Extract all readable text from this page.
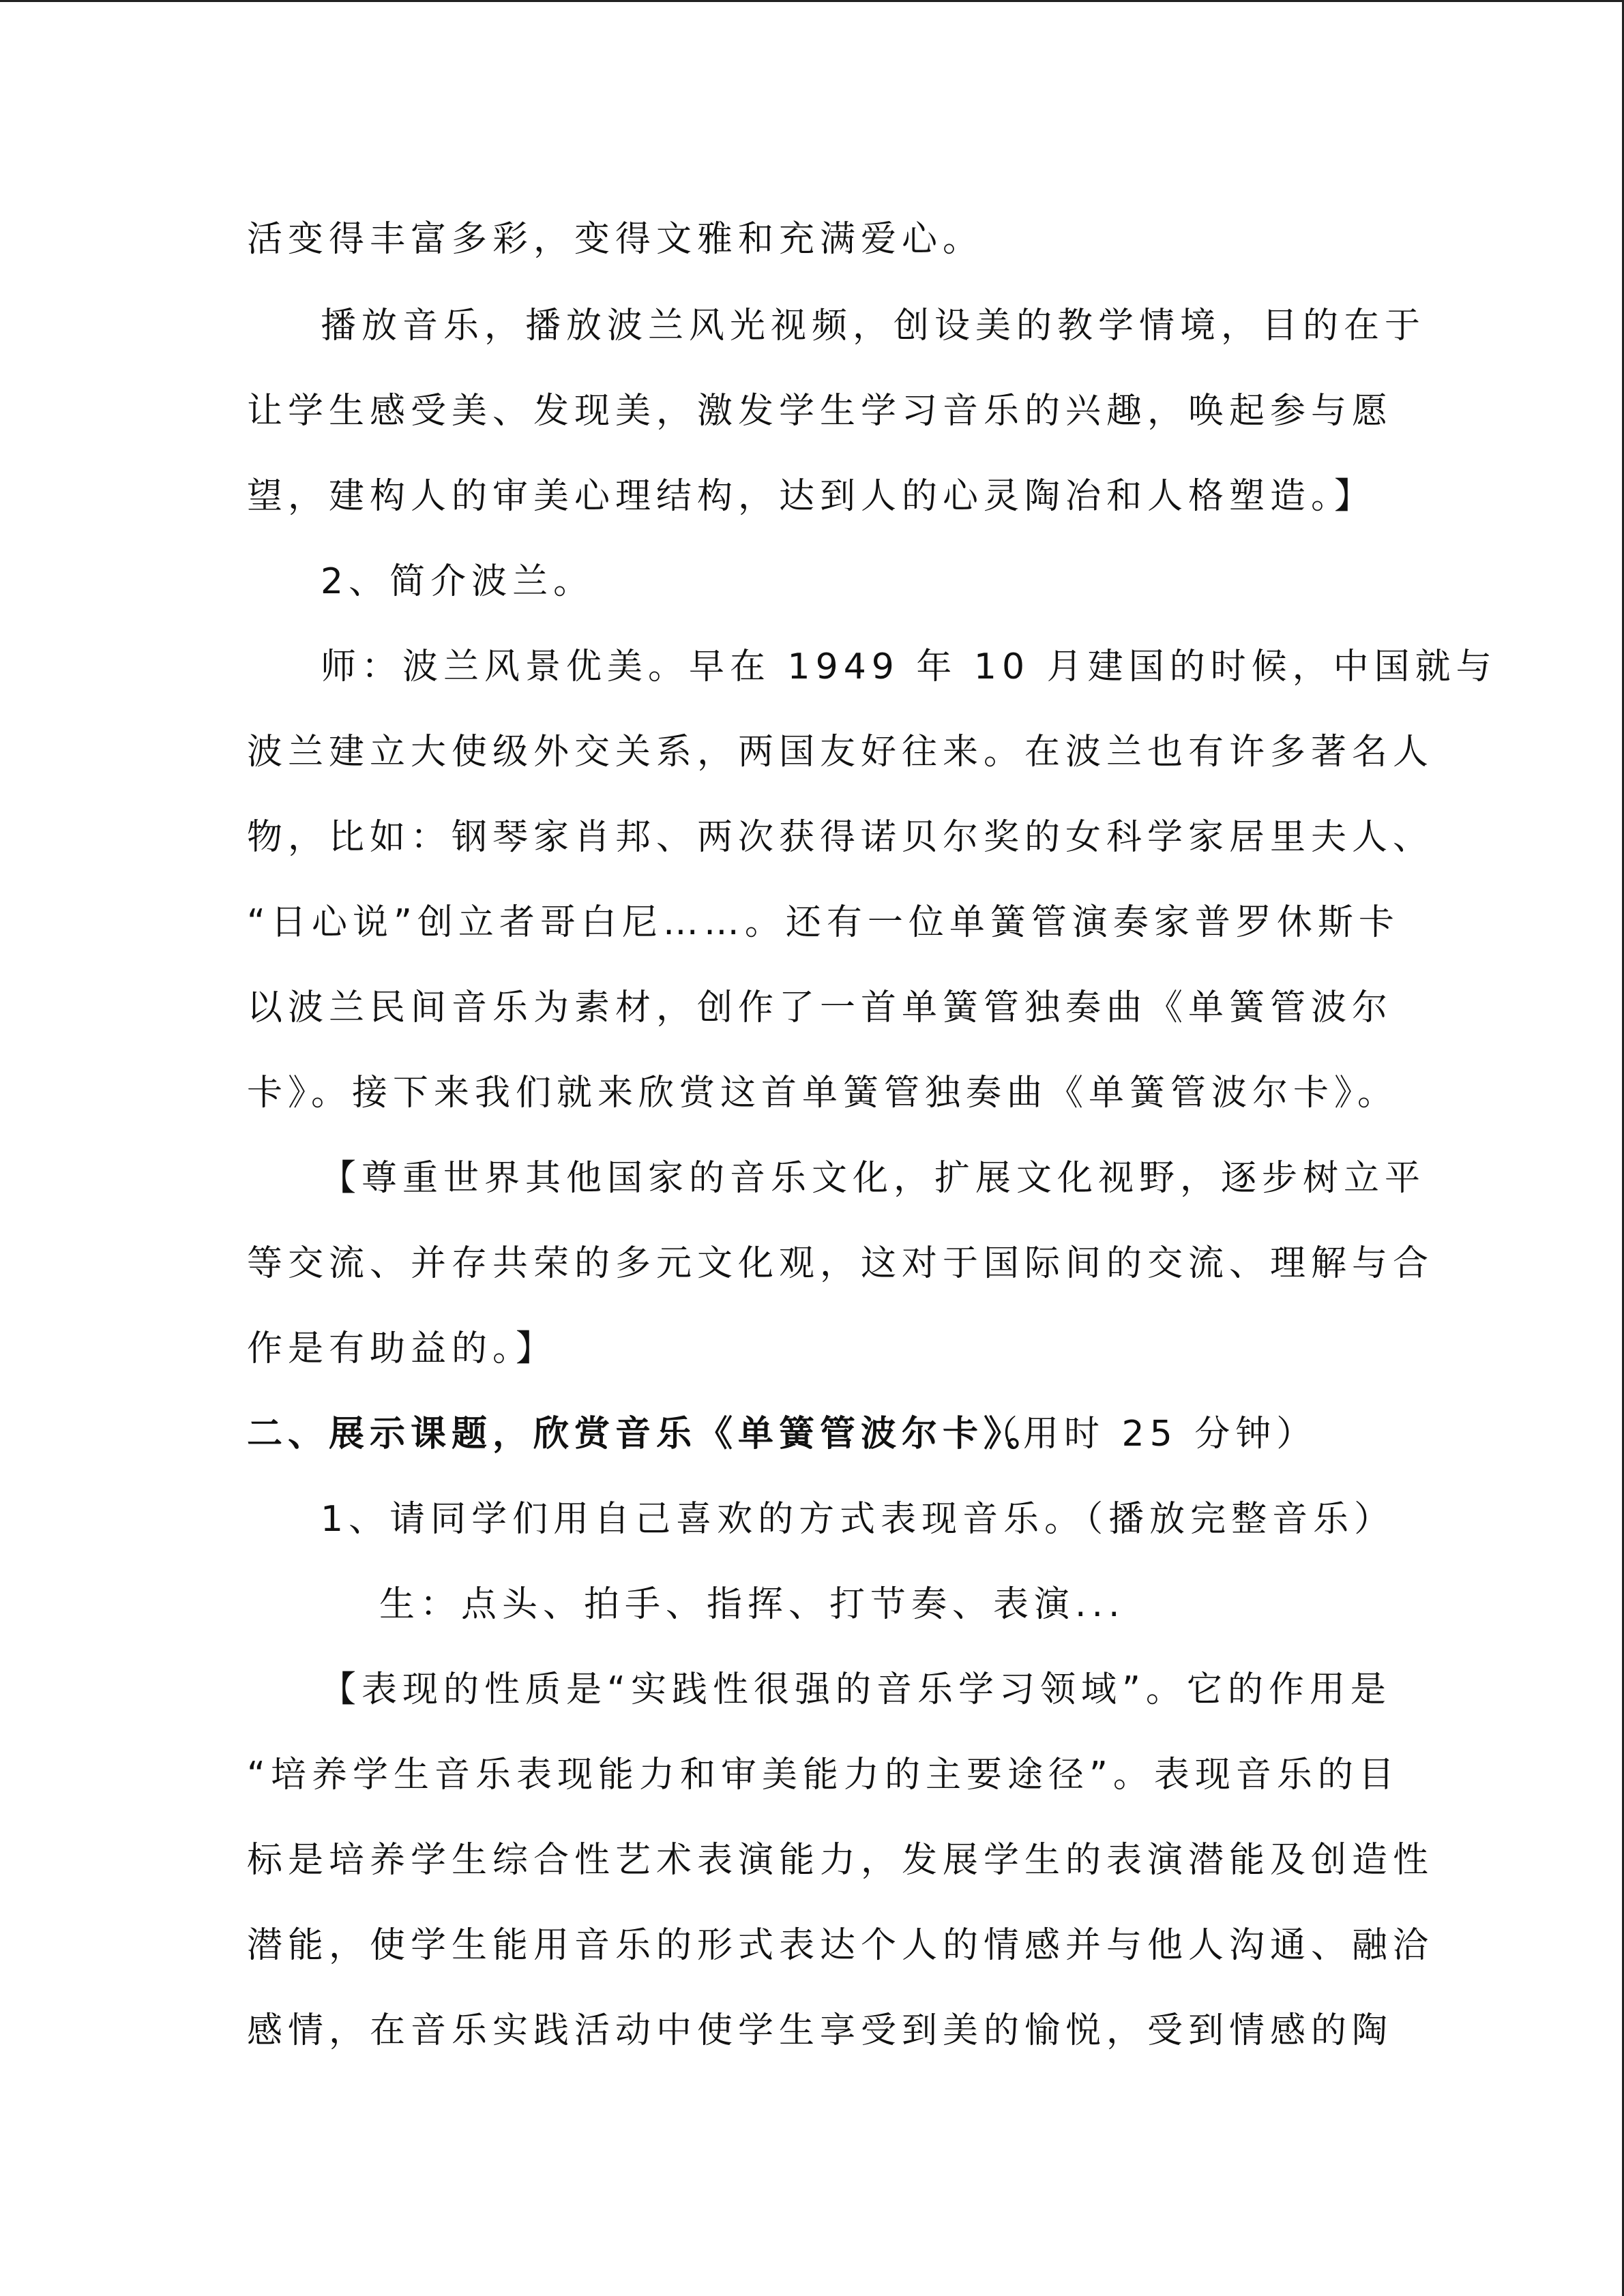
活变得丰富多彩，变得文雅和充满爱心。
播放音乐，播放波兰风光视频，创设美的教学情境，目的在于
让学生感受美、发现美，激发学生学习音乐的兴趣，唤起参与愿
望，建构人的审美心理结构，达到人的心灵陶冶和人格塑造。】
2、简介波兰。
师：波兰风景优美。早在 1949 年 10 月建国的时候，中国就与
波兰建立大使级外交关系，两国友好往来。在波兰也有许多著名人
物，比如：钢琴家肖邦、两次获得诺贝尔奖的女科学家居里夫人、
“日心说”创立者哥白尼……。还有一位单簧管演奏家普罗休斯卡
以波兰民间音乐为素材，创作了一首单簧管独奏曲《单簧管波尔
卡》。接下来我们就来欣赏这首单簧管独奏曲《单簧管波尔卡》。
【尊重世界其他国家的音乐文化，扩展文化视野，逐步树立平
等交流、并存共荣的多元文化观，这对于国际间的交流、理解与合
作是有助益的。】
二、展示课题，欣赏音乐《单簧管波尔卡》。
（用时 25 分钟）
1、请同学们用自己喜欢的方式表现音乐。（播放完整音乐）
生：点头、拍手、指挥、打节奏、表演...
【表现的性质是“实践性很强的音乐学习领域”。它的作用是
“培养学生音乐表现能力和审美能力的主要途径”。表现音乐的目
标是培养学生综合性艺术表演能力，发展学生的表演潜能及创造性
潜能，使学生能用音乐的形式表达个人的情感并与他人沟通、融洽
感情，在音乐实践活动中使学生享受到美的愉悦，受到情感的陶
